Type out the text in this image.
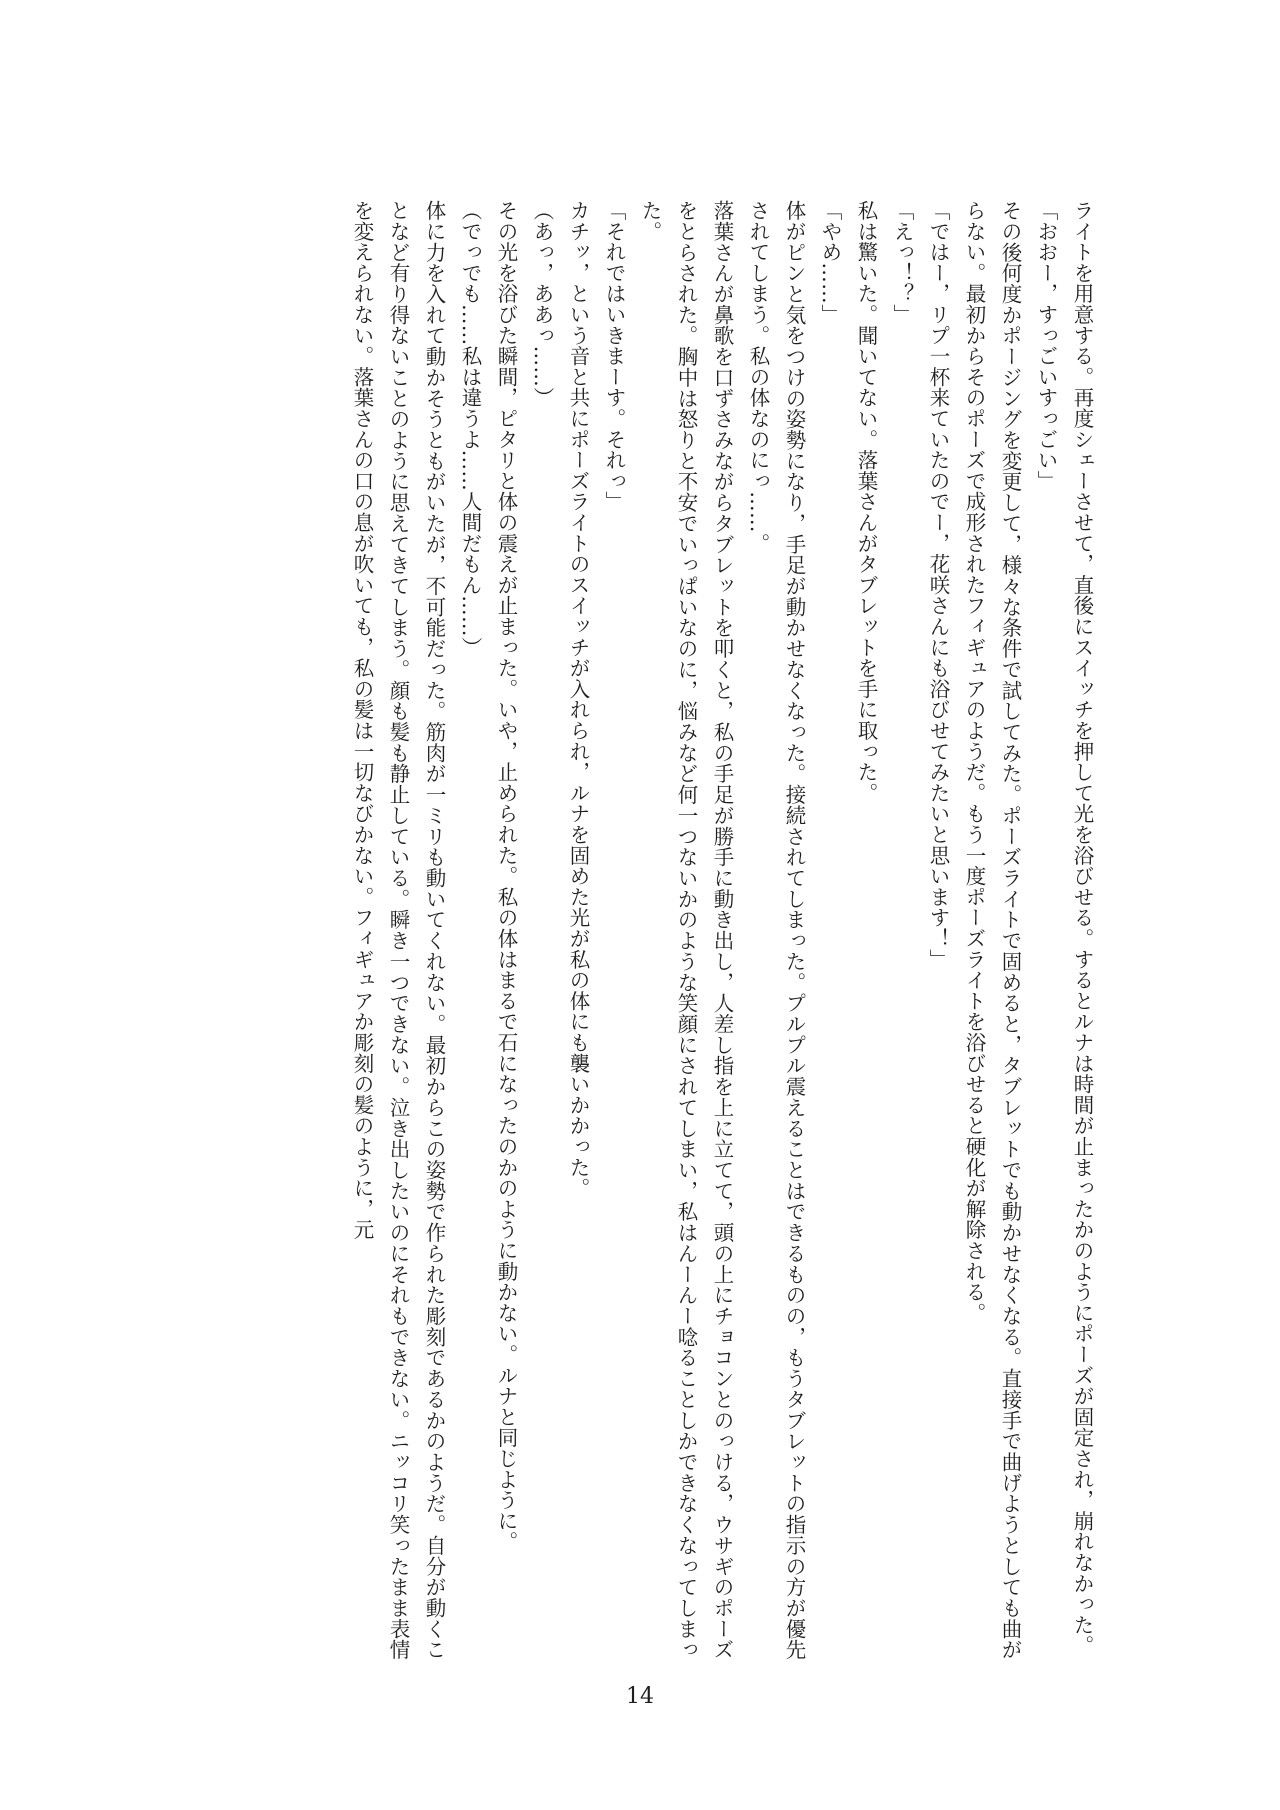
ライトを用意する。再度シェーさせて，直後にスイッチを押して光を浴びせる。するとルナは時間が止まったかのようにポーズが固定され，崩れなかった。

「おおー，すっごいすっごい」

その後何度かポージングを変更して，様々な条件で試してみた。ポーズライトで固めると，タブレットでも動かせなくなる。直接手で曲げようとしても曲がらない。最初からそのポーズで成形されたフィギュアのようだ。もう一度ポーズライトを浴びせると硬化が解除される。

「ではー，リプ一杯来ていたのでー，花咲さんにも浴びせてみたいと思います！」

「えっ！？」

私は驚いた。聞いてない。落葉さんがタブレットを手に取った。

「やめ……」

体がピンと気をつけの姿勢になり，手足が動かせなくなった。接続されてしまった。プルプル震えることはできるものの，もうタブレットの指示の方が優先されてしまう。私の体なのにっ……。

落葉さんが鼻歌を口ずさみながらタブレットを叩くと，私の手足が勝手に動き出し，人差し指を上に立てて，頭の上にチョコンとのっける，ウサギのポーズをとらされた。胸中は怒りと不安でいっぱいなのに，悩みなど何一つないかのような笑顔にされてしまい，私はんーんー唸ることしかできなくなってしまった。

「それではいきまーす。それっ」

カチッ，という音と共にポーズライトのスイッチが入れられ，ルナを固めた光が私の体にも襲いかかった。

（あっ，ああっ……）

その光を浴びた瞬間，ピタリと体の震えが止まった。いや，止められた。私の体はまるで石になったのかのように動かない。ルナと同じように。

（でっでも……私は違うよ……人間だもん……）

体に力を入れて動かそうともがいたが，不可能だった。筋肉が一ミリも動いてくれない。最初からこの姿勢で作られた彫刻であるかのようだ。自分が動くことなど有り得ないことのように思えてきてしまう。顔も髪も静止している。瞬き一つできない。泣き出したいのにそれもできない。ニッコリ笑ったまま表情を変えられない。落葉さんの口の息が吹いても，私の髪は一切なびかない。フィギュアか彫刻の髪のように，元

14
